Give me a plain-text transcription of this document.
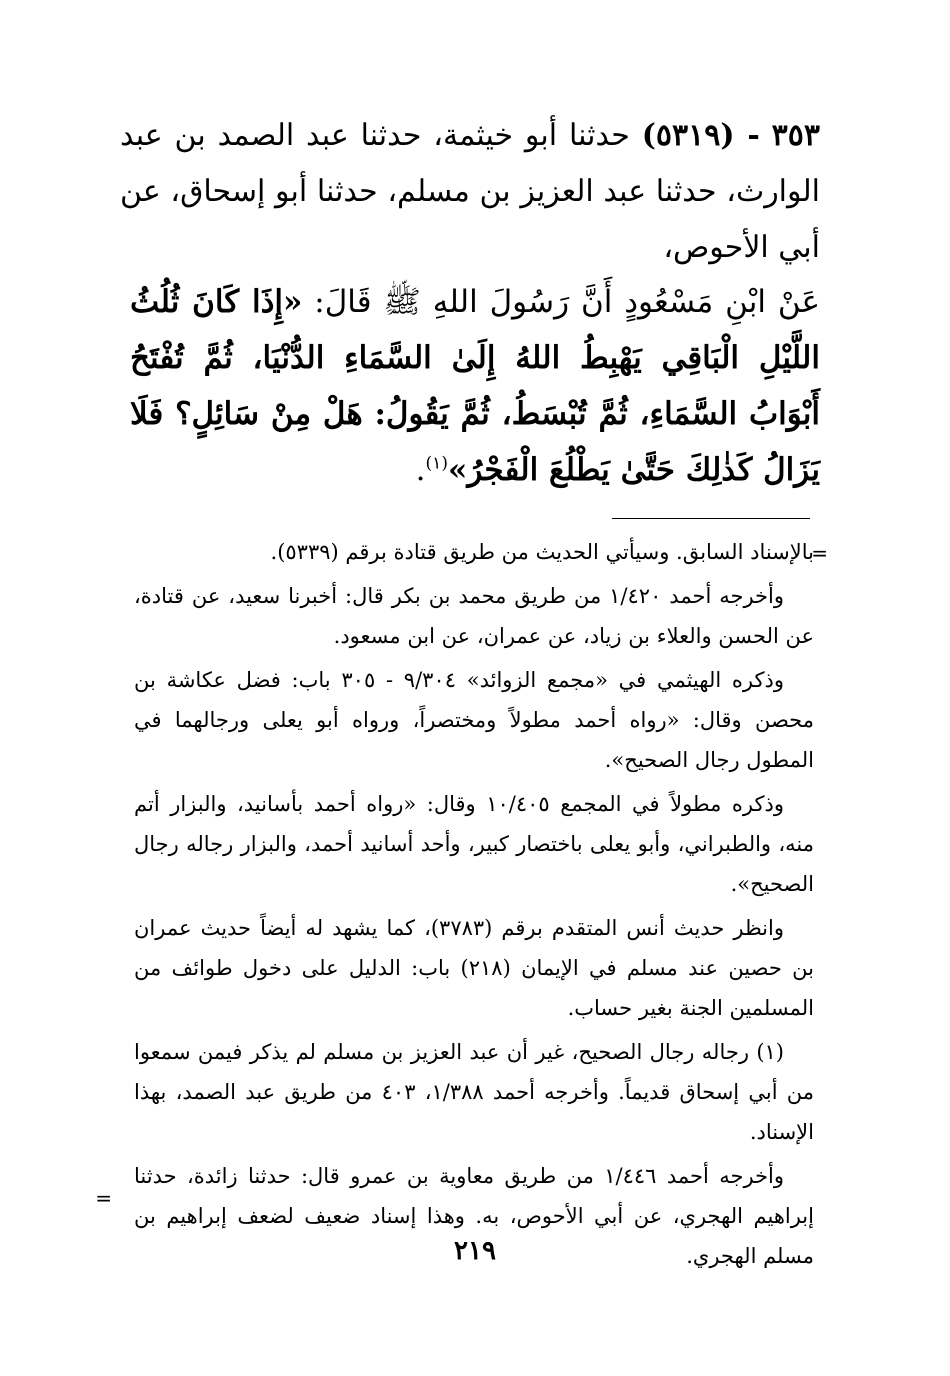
٣٥٣ - (٥٣١٩) حدثنا أبو خيثمة، حدثنا عبد الصمد بن عبد الوارث، حدثنا عبد العزيز بن مسلم، حدثنا أبو إسحاق، عن أبي الأحوص،

عَنْ ابْنِ مَسْعُودٍ أَنَّ رَسُولَ اللهِ ﷺ قَالَ: «إِذَا كَانَ ثُلُثُ اللَّيْلِ الْبَاقِي يَهْبِطُ اللهُ إِلَىٰ السَّمَاءِ الدُّنْيَا، ثُمَّ تُفْتَحُ أَبْوَابُ السَّمَاءِ، ثُمَّ تُبْسَطُ، ثُمَّ يَقُولُ: هَلْ مِنْ سَائِلٍ؟ فَلَا يَزَالُ كَذٰلِكَ حَتَّىٰ يَطْلُعَ الْفَجْرُ»$^{(١)}$.
=

بالإسناد السابق. وسيأتي الحديث من طريق قتادة برقم (٥٣٣٩).

وأخرجه أحمد ١/٤٢٠ من طريق محمد بن بكر قال: أخبرنا سعيد، عن قتادة، عن الحسن والعلاء بن زياد، عن عمران، عن ابن مسعود.

وذكره الهيثمي في «مجمع الزوائد» ٩/٣٠٤ - ٣٠٥ باب: فضل عكاشة بن محصن وقال: «رواه أحمد مطولاً ومختصراً، ورواه أبو يعلى ورجالهما في المطول رجال الصحيح».

وذكره مطولاً في المجمع ١٠/٤٠٥ وقال: «رواه أحمد بأسانيد، والبزار أتم منه، والطبراني، وأبو يعلى باختصار كبير، وأحد أسانيد أحمد، والبزار رجاله رجال الصحيح».

وانظر حديث أنس المتقدم برقم (٣٧٨٣)، كما يشهد له أيضاً حديث عمران بن حصين عند مسلم في الإيمان (٢١٨) باب: الدليل على دخول طوائف من المسلمين الجنة بغير حساب.

(١) رجاله رجال الصحيح، غير أن عبد العزيز بن مسلم لم يذكر فيمن سمعوا من أبي إسحاق قديماً. وأخرجه أحمد ١/٣٨٨، ٤٠٣ من طريق عبد الصمد، بهذا الإسناد.

وأخرجه أحمد ١/٤٤٦ من طريق معاوية بن عمرو قال: حدثنا زائدة، حدثنا إبراهيم الهجري، عن أبي الأحوص، به. وهذا إسناد ضعيف لضعف إبراهيم بن مسلم الهجري.

=
٢١٩
